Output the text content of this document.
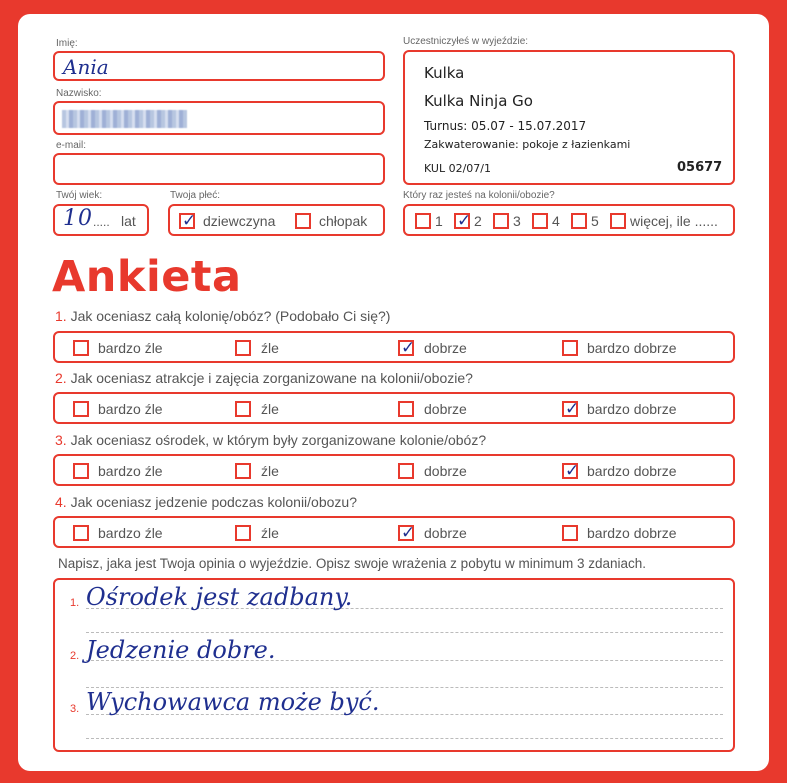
Imię:
Ania
Nazwisko:
e-mail:
Twój wiek:
10 ..... lat
Twoja płeć:
✓ dziewczyna	chłopak
Uczestniczyłeś w wyjeździe:
Kulka
Kulka Ninja Go
Turnus: 05.07 - 15.07.2017
Zakwaterowanie: pokoje z łazienkami
KUL 02/07/1	05677
Który raz jesteś na kolonii/obozie?
1 ✓ 2 3 4 5 więcej, ile ......
Ankieta
1. Jak oceniasz całą kolonię/obóz? (Podobało Ci się?)
bardzo źle	źle	✓ dobrze	bardzo dobrze
2. Jak oceniasz atrakcje i zajęcia zorganizowane na kolonii/obozie?
bardzo źle	źle	dobrze	✓ bardzo dobrze
3. Jak oceniasz ośrodek, w którym były zorganizowane kolonie/obóz?
bardzo źle	źle	dobrze	✓ bardzo dobrze
4. Jak oceniasz jedzenie podczas kolonii/obozu?
bardzo źle	źle	✓ dobrze	bardzo dobrze
Napisz, jaka jest Twoja opinia o wyjeździe. Opisz swoje wrażenia z pobytu w minimum 3 zdaniach.
1. Ośrodek jest zadbany.
2. Jedzenie dobre.
3. Wychowawca może być.
